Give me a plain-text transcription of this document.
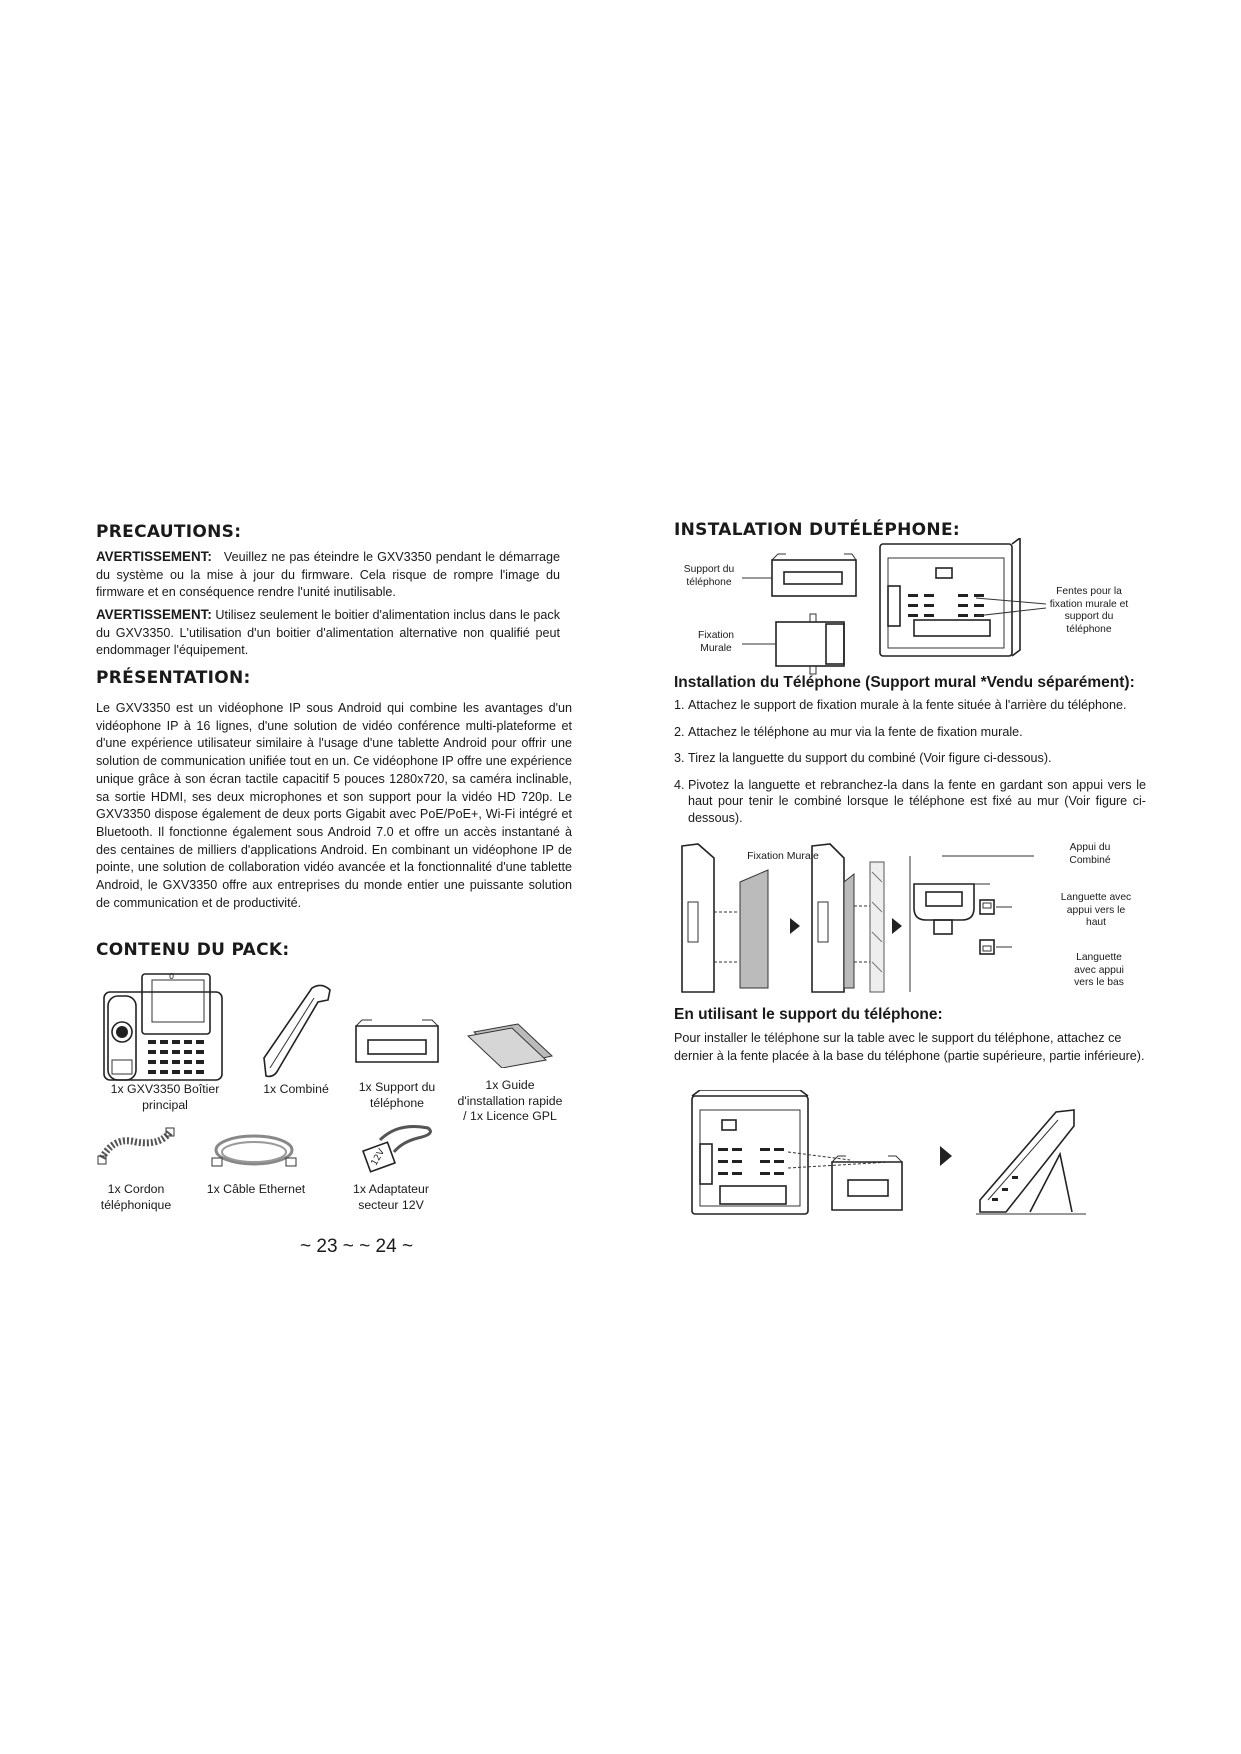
PRECAUTIONS:

AVERTISSEMENT: Veuillez ne pas éteindre le GXV3350 pendant le démarrage du système ou la mise à jour du firmware. Cela risque de rompre l'image du firmware et en conséquence rendre l'unité inutilisable.

AVERTISSEMENT: Utilisez seulement le boitier d'alimentation inclus dans le pack du GXV3350. L'utilisation d'un boitier d'alimentation alternative non qualifié peut endommager l'équipement.

PRÉSENTATION:

Le GXV3350 est un vidéophone IP sous Android qui combine les avantages d'un vidéophone IP à 16 lignes, d'une solution de vidéo conférence multi-plateforme et d'une expérience utilisateur similaire à l'usage d'une tablette Android pour offrir une solution de communication unifiée tout en un. Ce vidéophone IP offre une expérience unique grâce à son écran tactile capacitif 5 pouces 1280x720, sa caméra inclinable, sa sortie HDMI, ses deux microphones et son support pour la vidéo HD 720p. Le GXV3350 dispose également de deux ports Gigabit avec PoE/PoE+, Wi-Fi intégré et Bluetooth. Il fonctionne également sous Android 7.0 et offre un accès instantané à des centaines de milliers d'applications Android. En combinant un vidéophone IP de pointe, une solution de collaboration vidéo avancée et la fonctionnalité d'une tablette Android, le GXV3350 offre aux entreprises du monde entier une puissante solution de communication et de productivité.

CONTENU DU PACK:
0
1x GXV3350 Boîtier principal
1x Combiné	1x Support du téléphone
1x Guide d'installation rapide / 1x Licence GPL
1x Cordon téléphonique
1x Câble Ethernet
12V
1x Adaptateur secteur 12V
~ 23 ~ ~ 24 ~
INSTALATION DUTÉLÉPHONE:
Support du téléphone
Fixation Murale
Fentes pour la fixation murale et support du téléphone
Installation du Téléphone (Support mural *Vendu séparément):
1. Attachez le support de fixation murale à la fente située à l'arrière du téléphone.
2. Attachez le téléphone au mur via la fente de fixation murale.
3. Tirez la languette du support du combiné (Voir figure ci-dessous).
4. Pivotez la languette et rebranchez-la dans la fente en gardant son appui vers le haut pour tenir le combiné lorsque le téléphone est fixé au mur (Voir figure ci-dessous).
Fixation Murale
Appui du Combiné
Languette avec appui vers le haut
Languette avec appui vers le bas
En utilisant le support du téléphone:

Pour installer le téléphone sur la table avec le support du téléphone, attachez ce dernier à la fente placée à la base du téléphone (partie supérieure, partie inférieure).
